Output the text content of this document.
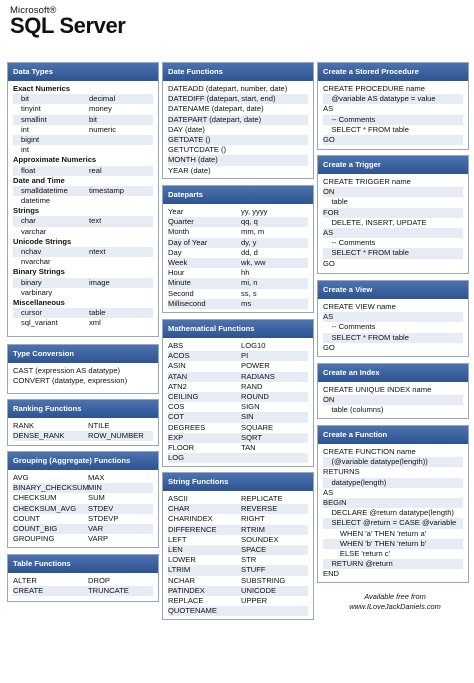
Microsoft®
SQL Server
Data Types
Exact Numerics
bit	decimal
tinyint	money
smallint	bit
int	numeric
bigint
int
Approximate Numerics
float	real
Date and Time
smalldatetime	timestamp
datetime
Strings
char	text
varchar
Unicode Strings
nchav	ntext
nvarchar
Binary Strings
binary	image
varbinary
Miscellaneous
cursor	table
sql_variant	xml
Type Conversion
CAST (expression AS datatype)
CONVERT (datatype, expression)
Ranking Functions
RANK	NTILE
DENSE_RANK	ROW_NUMBER
Grouping (Aggregate) Functions
AVG	MAX
BINARY_CHECKSUM MIN
CHECKSUM	SUM
CHECKSUM_AVG	STDEV
COUNT	STDEVP
COUNT_BIG	VAR
GROUPING	VARP
Table Functions
ALTER	DROP
CREATE	TRUNCATE
Date Functions
DATEADD (datepart, number, date)
DATEDIFF (datepart, start, end)
DATENAME (datepart, date)
DATEPART (datepart, date)
DAY (date)
GETDATE ()
GETUTCDATE ()
MONTH (date)
YEAR (date)
Dateparts
Year	yy, yyyy
Quarter	qq, q
Month	mm, m
Day of Year	dy, y
Day	dd, d
Week	wk, ww
Hour	hh
Minute	mi, n
Second	ss, s
Millisecond	ms
Mathematical Functions
ABS	LOG10
ACOS	PI
ASIN	POWER
ATAN	RADIANS
ATN2	RAND
CEILING	ROUND
COS	SIGN
COT	SIN
DEGREES	SQUARE
EXP	SQRT
FLOOR	TAN
LOG
String Functions
ASCII	REPLICATE
CHAR	REVERSE
CHARINDEX	RIGHT
DIFFERENCE	RTRIM
LEFT	SOUNDEX
LEN	SPACE
LOWER	STR
LTRIM	STUFF
NCHAR	SUBSTRING
PATINDEX	UNICODE
REPLACE	UPPER
QUOTENAME
Create a Stored Procedure
CREATE PROCEDURE name
@variable AS datatype = value
AS
-- Comments
SELECT * FROM table
GO
Create a Trigger
CREATE TRIGGER name
ON
table
FOR
DELETE, INSERT, UPDATE
AS
-- Comments
SELECT * FROM table
GO
Create a View
CREATE VIEW name
AS
-- Comments
SELECT * FROM table
GO
Create an Index
CREATE UNIQUE INDEX name
ON
table (columns)
Create a Function
CREATE FUNCTION name
(@variable datatype(length))
RETURNS
datatype(length)
AS
BEGIN
DECLARE @return datatype(length)
SELECT @return = CASE @variable
WHEN 'a' THEN 'return a'
WHEN 'b' THEN 'return b'
ELSE 'return c'
RETURN @return
END
Available free from
www.ILoveJackDaniels.com
